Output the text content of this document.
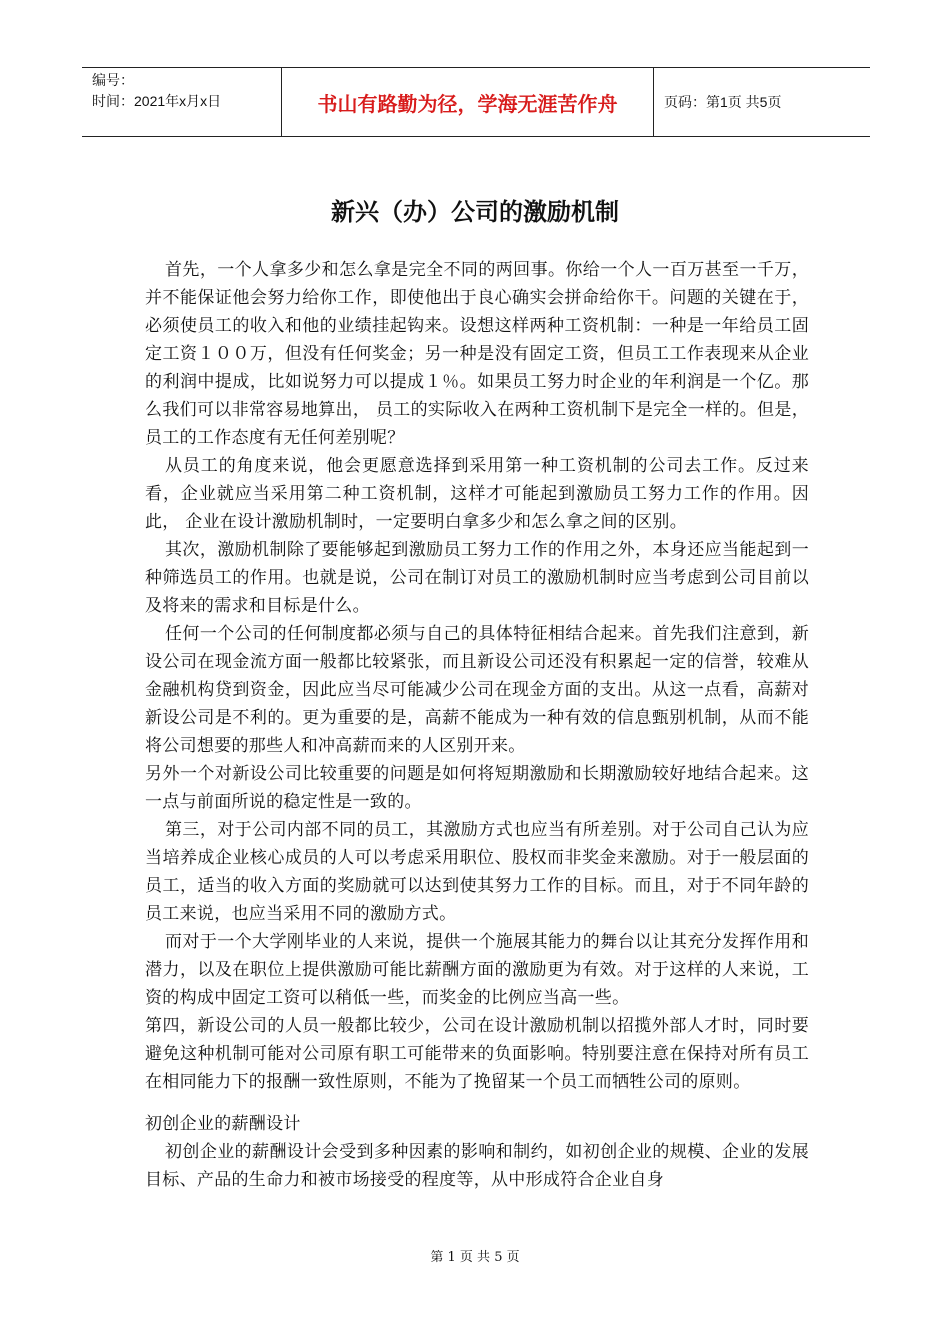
编号：
时间：2021年x月x日	书山有路勤为径，学海无涯苦作舟	页码：第1页 共5页
新兴（办）公司的激励机制

首先，一个人拿多少和怎么拿是完全不同的两回事。你给一个人一百万甚至一千万，并不能保证他会努力给你工作，即使他出于良心确实会拼命给你干。问题的关键在于，必须使员工的收入和他的业绩挂起钩来。设想这样两种工资机制：一种是一年给员工固定工资１００万，但没有任何奖金；另一种是没有固定工资，但员工工作表现来从企业的利润中提成，比如说努力可以提成１％。如果员工努力时企业的年利润是一个亿。那么我们可以非常容易地算出， 员工的实际收入在两种工资机制下是完全一样的。但是，员工的工作态度有无任何差别呢？

从员工的角度来说，他会更愿意选择到采用第一种工资机制的公司去工作。反过来看，企业就应当采用第二种工资机制，这样才可能起到激励员工努力工作的作用。因此， 企业在设计激励机制时，一定要明白拿多少和怎么拿之间的区别。

其次，激励机制除了要能够起到激励员工努力工作的作用之外，本身还应当能起到一种筛选员工的作用。也就是说，公司在制订对员工的激励机制时应当考虑到公司目前以及将来的需求和目标是什么。

任何一个公司的任何制度都必须与自己的具体特征相结合起来。首先我们注意到，新设公司在现金流方面一般都比较紧张，而且新设公司还没有积累起一定的信誉，较难从金融机构贷到资金，因此应当尽可能减少公司在现金方面的支出。从这一点看，高薪对新设公司是不利的。更为重要的是，高薪不能成为一种有效的信息甄别机制，从而不能将公司想要的那些人和冲高薪而来的人区别开来。

另外一个对新设公司比较重要的问题是如何将短期激励和长期激励较好地结合起来。这一点与前面所说的稳定性是一致的。

第三，对于公司内部不同的员工，其激励方式也应当有所差别。对于公司自己认为应当培养成企业核心成员的人可以考虑采用职位、股权而非奖金来激励。对于一般层面的员工，适当的收入方面的奖励就可以达到使其努力工作的目标。而且，对于不同年龄的员工来说，也应当采用不同的激励方式。

而对于一个大学刚毕业的人来说，提供一个施展其能力的舞台以让其充分发挥作用和潜力，以及在职位上提供激励可能比薪酬方面的激励更为有效。对于这样的人来说，工资的构成中固定工资可以稍低一些，而奖金的比例应当高一些。

第四，新设公司的人员一般都比较少，公司在设计激励机制以招揽外部人才时，同时要避免这种机制可能对公司原有职工可能带来的负面影响。特别要注意在保持对所有员工在相同能力下的报酬一致性原则，不能为了挽留某一个员工而牺牲公司的原则。

初创企业的薪酬设计

初创企业的薪酬设计会受到多种因素的影响和制约，如初创企业的规模、企业的发展目标、产品的生命力和被市场接受的程度等，从中形成符合企业自身

第 1 页 共 5 页
